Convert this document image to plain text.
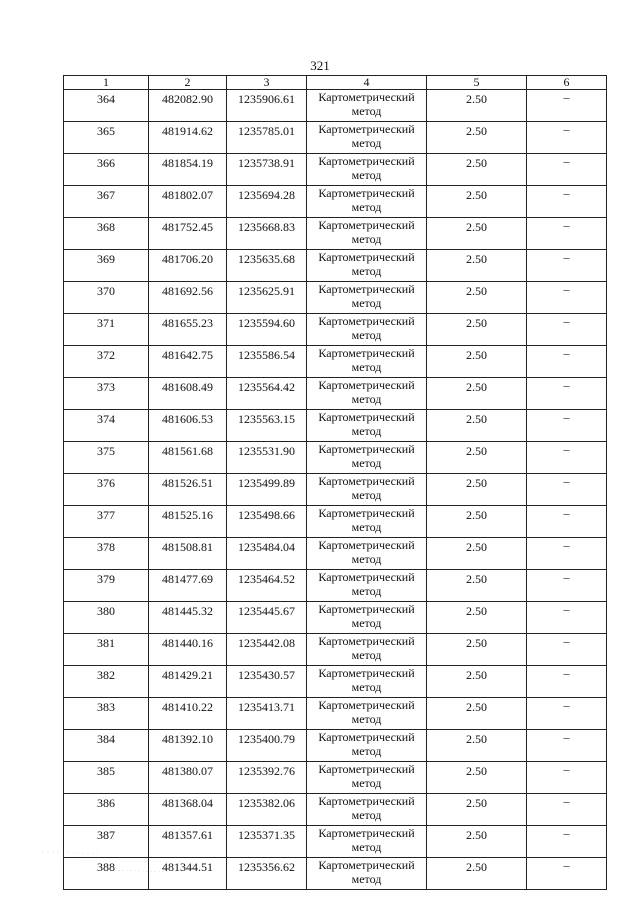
321
1	2	3	4	5	6
364	482082.90	1235906.61	Картометрический метод	2.50	–
365	481914.62	1235785.01	Картометрический метод	2.50	–
366	481854.19	1235738.91	Картометрический метод	2.50	–
367	481802.07	1235694.28	Картометрический метод	2.50	–
368	481752.45	1235668.83	Картометрический метод	2.50	–
369	481706.20	1235635.68	Картометрический метод	2.50	–
370	481692.56	1235625.91	Картометрический метод	2.50	–
371	481655.23	1235594.60	Картометрический метод	2.50	–
372	481642.75	1235586.54	Картометрический метод	2.50	–
373	481608.49	1235564.42	Картометрический метод	2.50	–
374	481606.53	1235563.15	Картометрический метод	2.50	–
375	481561.68	1235531.90	Картометрический метод	2.50	–
376	481526.51	1235499.89	Картометрический метод	2.50	–
377	481525.16	1235498.66	Картометрический метод	2.50	–
378	481508.81	1235484.04	Картометрический метод	2.50	–
379	481477.69	1235464.52	Картометрический метод	2.50	–
380	481445.32	1235445.67	Картометрический метод	2.50	–
381	481440.16	1235442.08	Картометрический метод	2.50	–
382	481429.21	1235430.57	Картометрический метод	2.50	–
383	481410.22	1235413.71	Картометрический метод	2.50	–
384	481392.10	1235400.79	Картометрический метод	2.50	–
385	481380.07	1235392.76	Картометрический метод	2.50	–
386	481368.04	1235382.06	Картометрический метод	2.50	–
387	481357.61	1235371.35	Картометрический метод	2.50	–
388	481344.51	1235356.62	Картометрический метод	2.50	–
